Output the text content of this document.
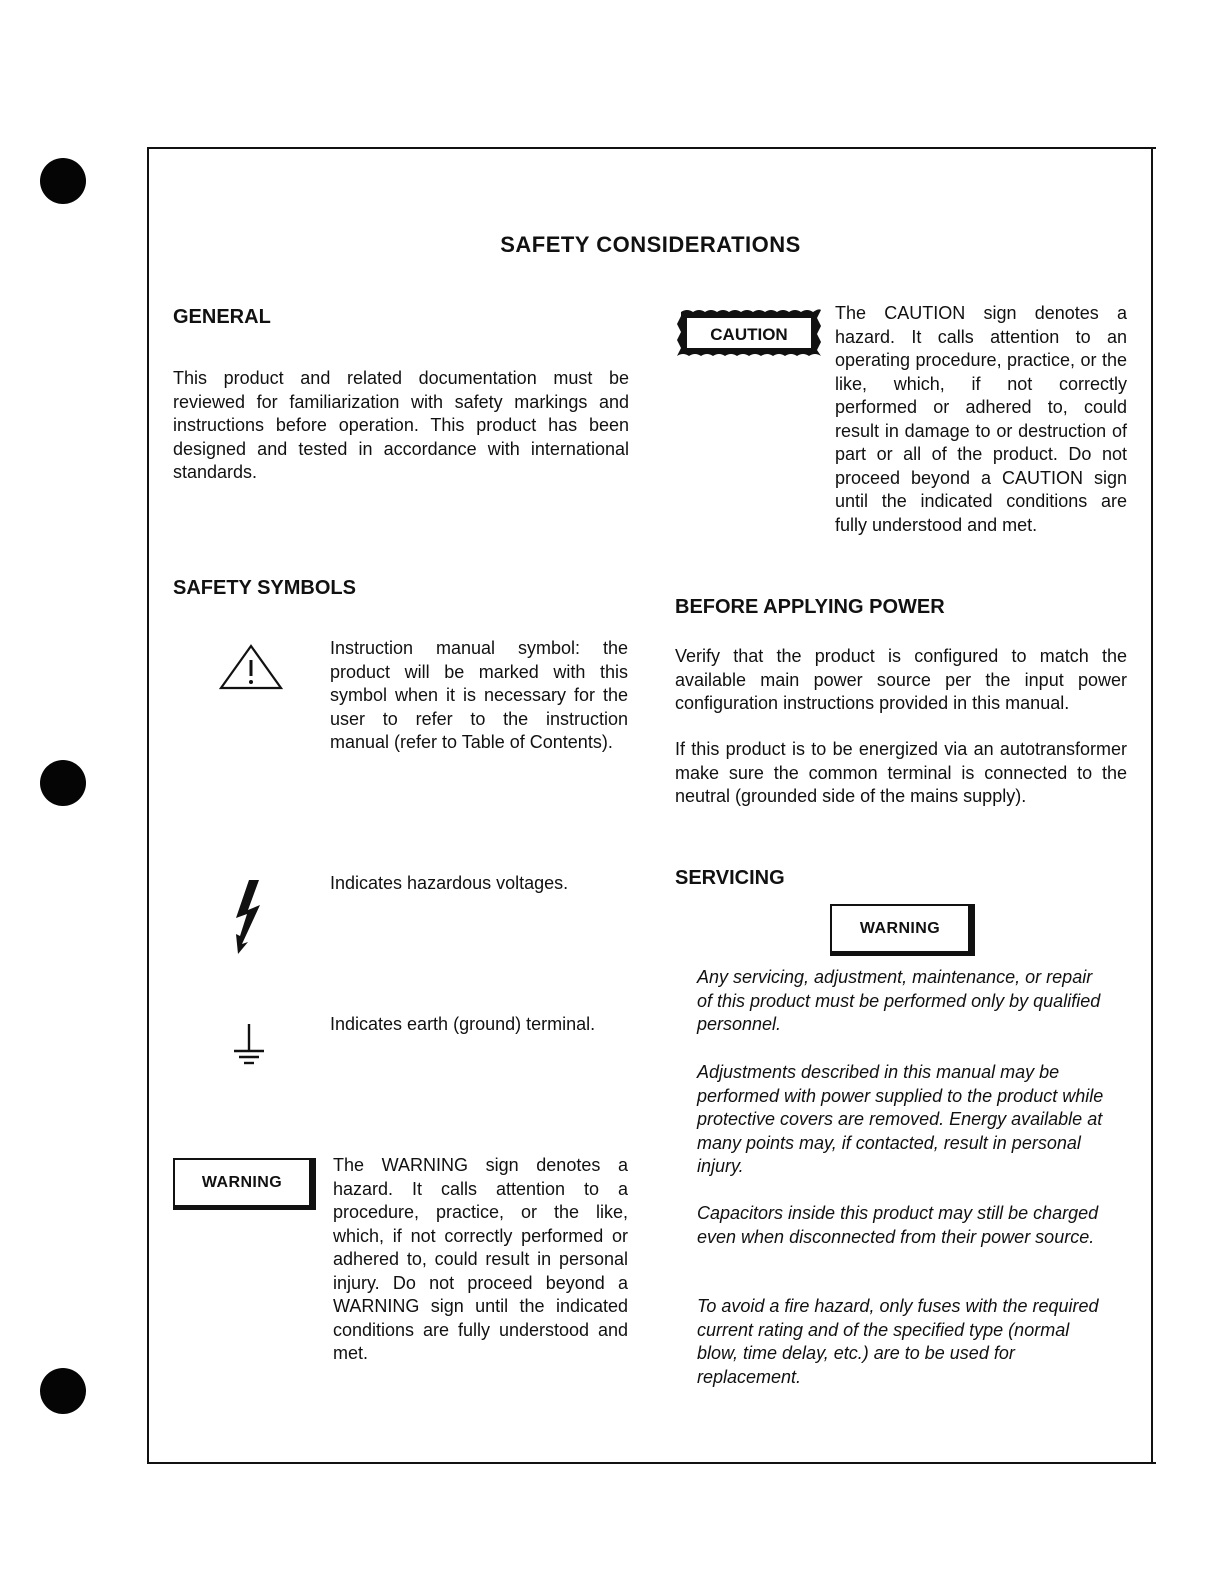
SAFETY CONSIDERATIONS
GENERAL
This product and related documentation must be reviewed for familiarization with safety markings and instructions before operation. This product has been designed and tested in accordance with international standards.
SAFETY SYMBOLS
Instruction manual symbol: the product will be marked with this symbol when it is necessary for the user to refer to the instruction manual (refer to Table of Contents).
Indicates hazardous voltages.
Indicates earth (ground) terminal.
WARNING
The WARNING sign denotes a hazard. It calls attention to a procedure, practice, or the like, which, if not correctly performed or adhered to, could result in personal injury. Do not proceed beyond a WARNING sign until the indicated conditions are fully understood and met.
CAUTION
The CAUTION sign denotes a hazard. It calls attention to an operating procedure, practice, or the like, which, if not correctly performed or adhered to, could result in damage to or destruction of part or all of the product. Do not proceed beyond a CAUTION sign until the indicated conditions are fully understood and met.
BEFORE APPLYING POWER
Verify that the product is configured to match the available main power source per the input power configuration instructions provided in this manual.
If this product is to be energized via an autotransformer make sure the common terminal is connected to the neutral (grounded side of the mains supply).
SERVICING
WARNING
Any servicing, adjustment, maintenance, or repair of this product must be performed only by qualified personnel.
Adjustments described in this manual may be performed with power supplied to the product while protective covers are removed. Energy available at many points may, if contacted, result in personal injury.
Capacitors inside this product may still be charged even when disconnected from their power source.
To avoid a fire hazard, only fuses with the required current rating and of the specified type (normal blow, time delay, etc.) are to be used for replacement.
